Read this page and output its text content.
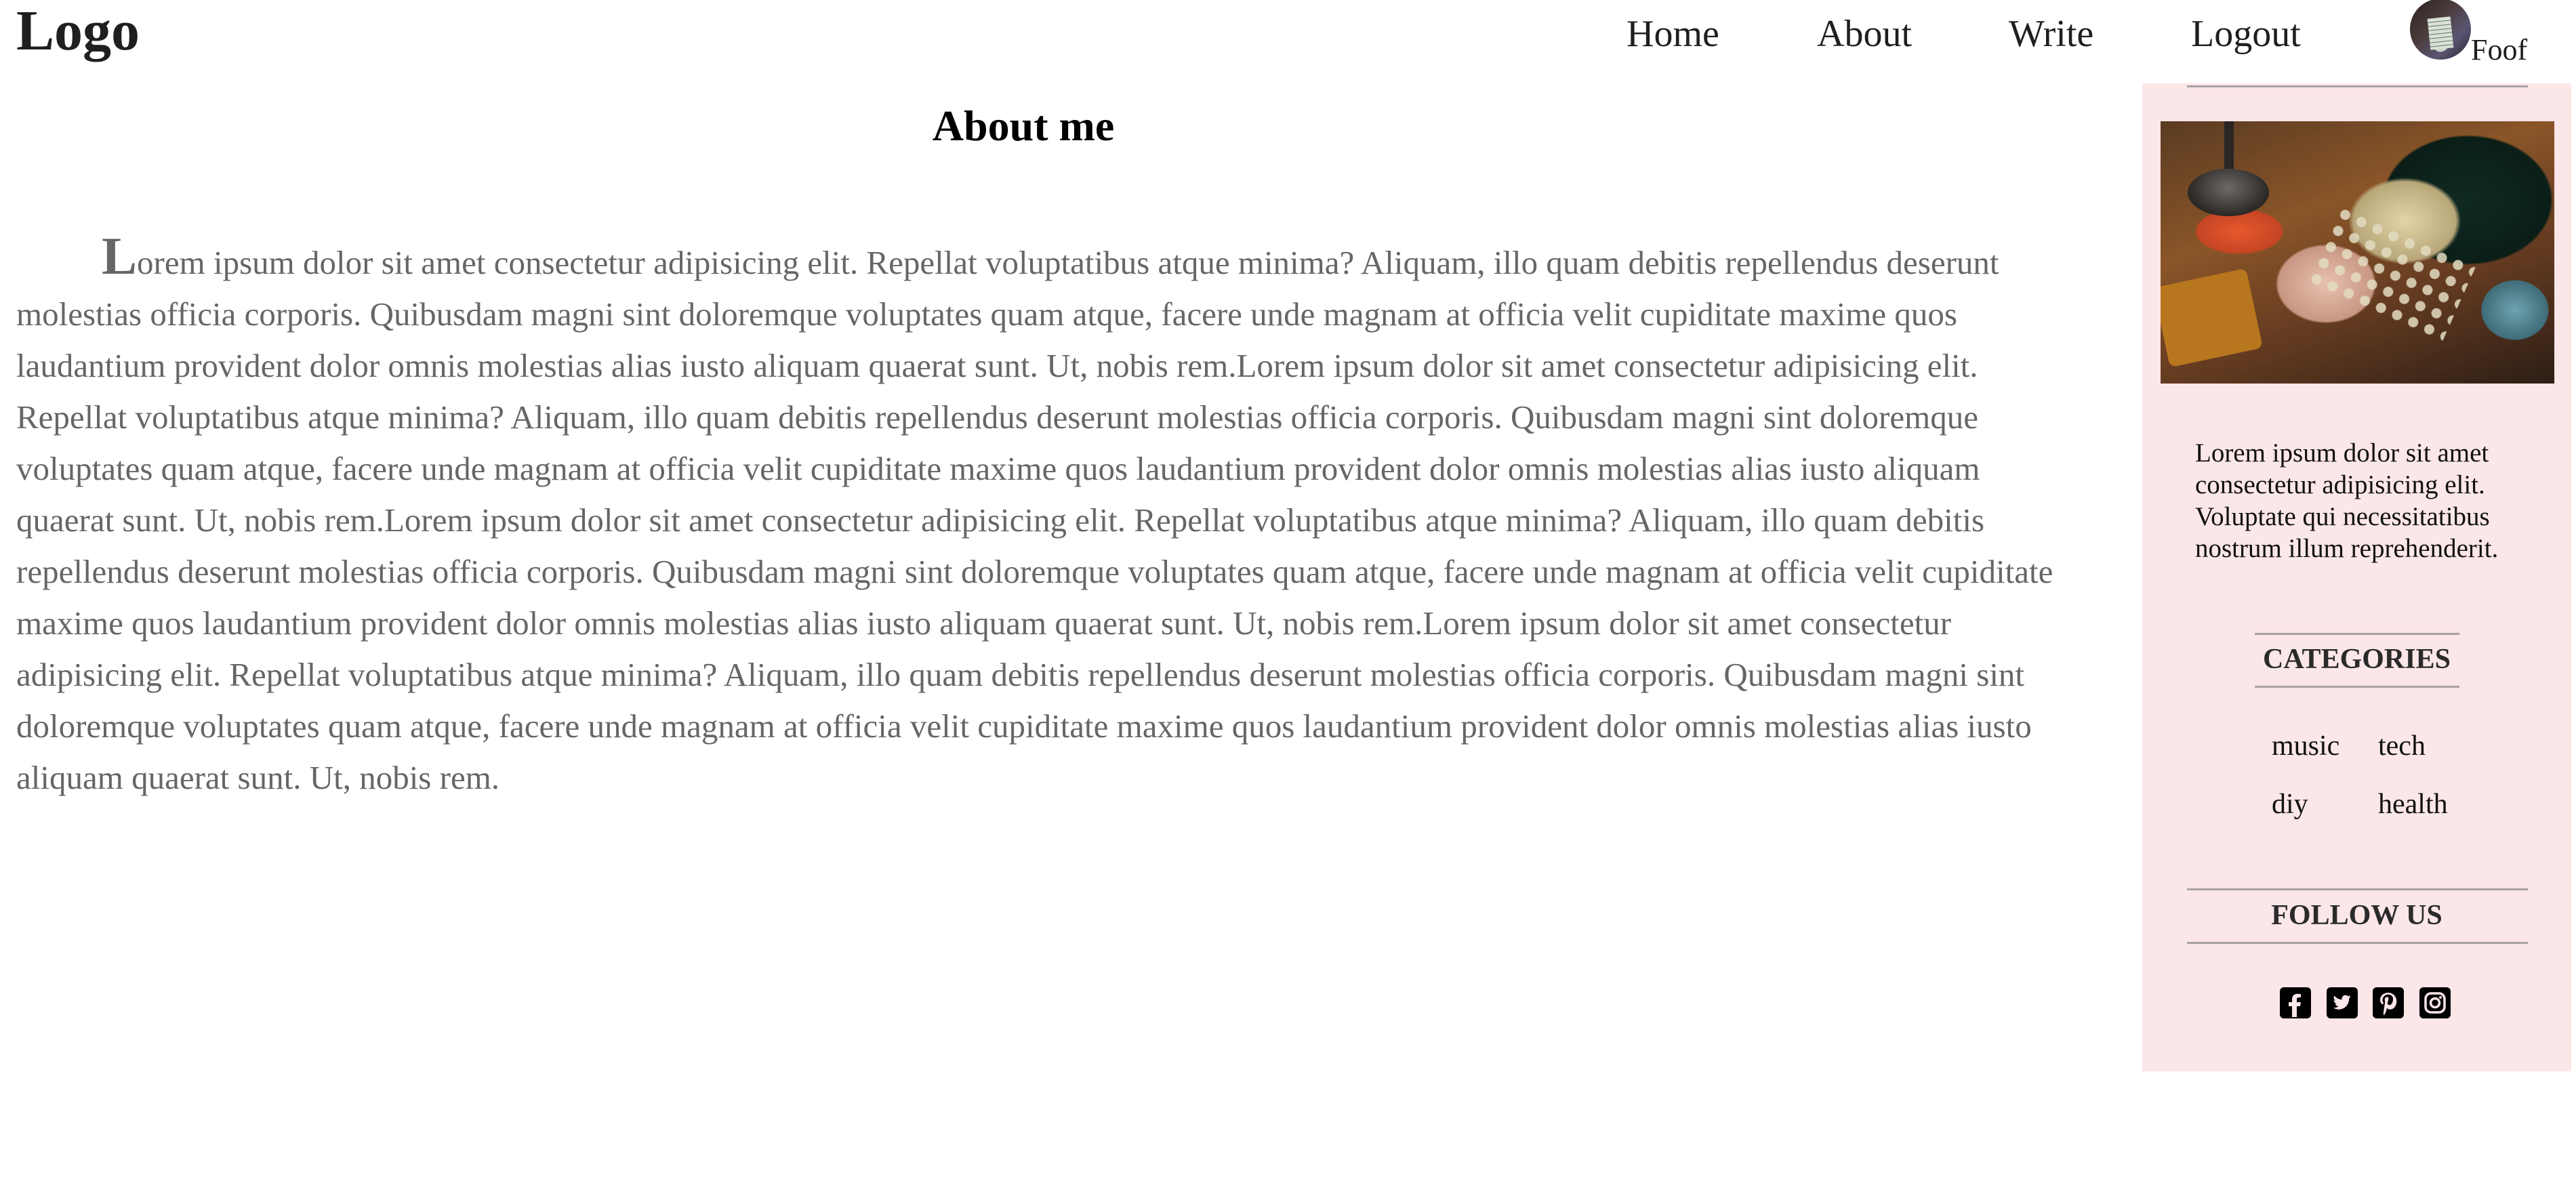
Logo	Home	About	Write	Logout	Foof
About me

Lorem ipsum dolor sit amet consectetur adipisicing elit. Repellat voluptatibus atque minima? Aliquam, illo quam debitis repellendus deserunt molestias officia corporis. Quibusdam magni sint doloremque voluptates quam atque, facere unde magnam at officia velit cupiditate maxime quos laudantium provident dolor omnis molestias alias iusto aliquam quaerat sunt. Ut, nobis rem.Lorem ipsum dolor sit amet consectetur adipisicing elit. Repellat voluptatibus atque minima? Aliquam, illo quam debitis repellendus deserunt molestias officia corporis. Quibusdam magni sint doloremque voluptates quam atque, facere unde magnam at officia velit cupiditate maxime quos laudantium provident dolor omnis molestias alias iusto aliquam quaerat sunt. Ut, nobis rem.Lorem ipsum dolor sit amet consectetur adipisicing elit. Repellat voluptatibus atque minima? Aliquam, illo quam debitis repellendus deserunt molestias officia corporis. Quibusdam magni sint doloremque voluptates quam atque, facere unde magnam at officia velit cupiditate maxime quos laudantium provident dolor omnis molestias alias iusto aliquam quaerat sunt. Ut, nobis rem.Lorem ipsum dolor sit amet consectetur adipisicing elit. Repellat voluptatibus atque minima? Aliquam, illo quam debitis repellendus deserunt molestias officia corporis. Quibusdam magni sint doloremque voluptates quam atque, facere unde magnam at officia velit cupiditate maxime quos laudantium provident dolor omnis molestias alias iusto aliquam quaerat sunt. Ut, nobis rem.

Lorem ipsum dolor sit amet consectetur adipisicing elit. Voluptate qui necessitatibus nostrum illum reprehenderit.

CATEGORIES
music tech
diy health
FOLLOW US
